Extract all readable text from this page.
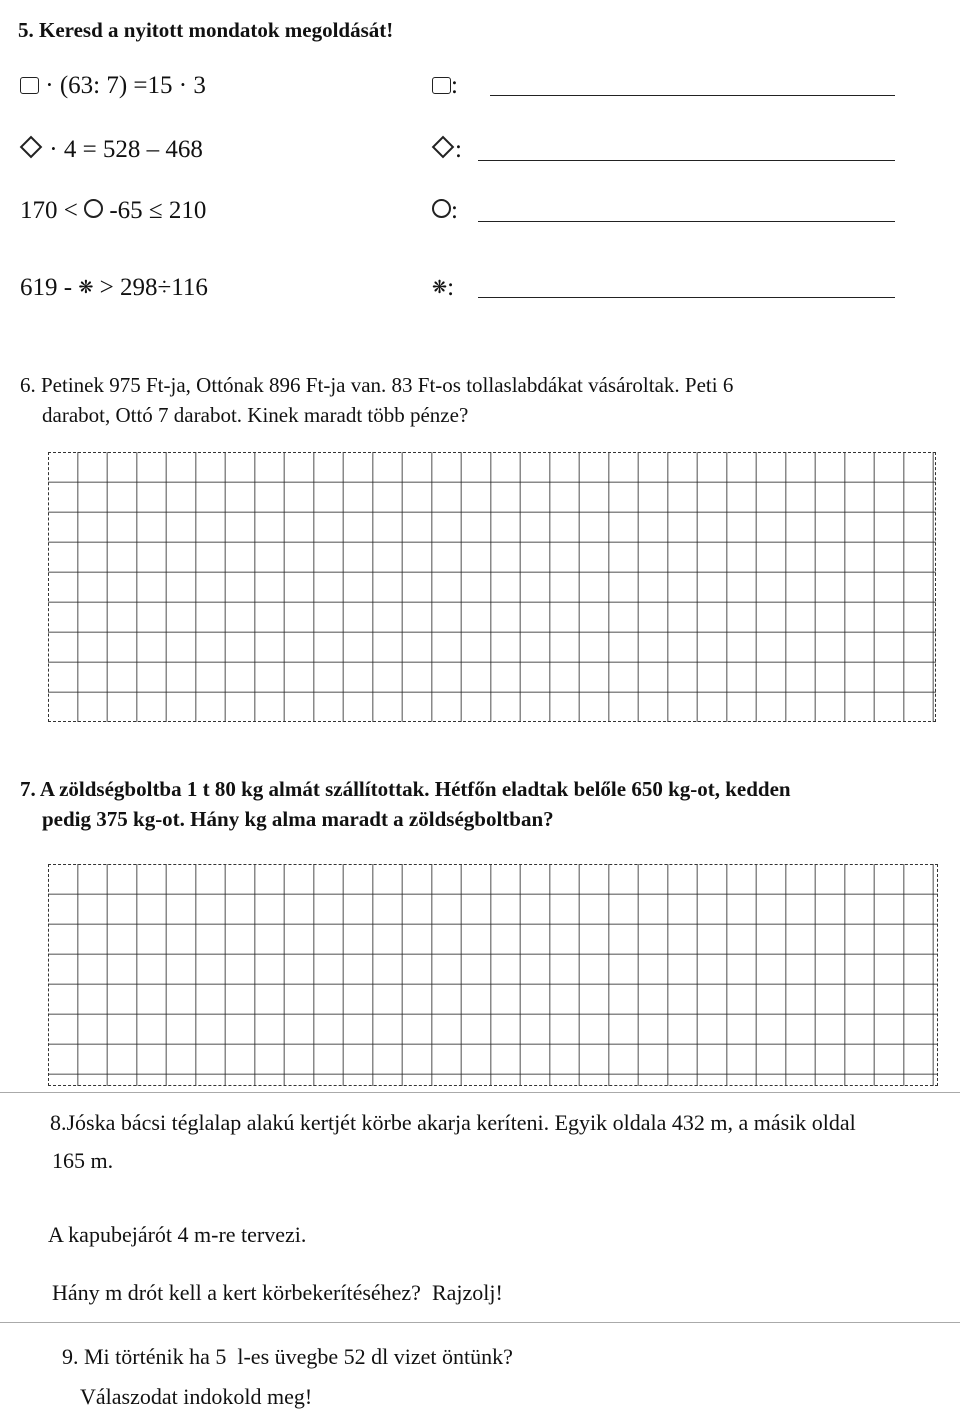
5. Keresd a nyitott mondatok megoldását!
· (63: 7) =15 · 3	:
· 4 = 528 – 468	:
170 <  -65 ≤ 210	:
619 - ❋ > 298÷116	❋:
6. Petinek 975 Ft-ja, Ottónak 896 Ft-ja van. 83 Ft-os tollaslabdákat vásároltak. Peti 6
darabot, Ottó 7 darabot. Kinek maradt több pénze?
7. A zöldségboltba 1 t 80 kg almát szállítottak. Hétfőn eladtak belőle 650 kg-ot, kedden
pedig 375 kg-ot. Hány kg alma maradt a zöldségboltban?
8.Jóska bácsi téglalap alakú kertjét körbe akarja keríteni. Egyik oldala 432 m, a másik oldal
165 m.
A kapubejárót 4 m-re tervezi.
Hány m drót kell a kert körbekerítéséhez?  Rajzolj!
9. Mi történik ha 5  l-es üvegbe 52 dl vizet öntünk?
Válaszodat indokold meg!
